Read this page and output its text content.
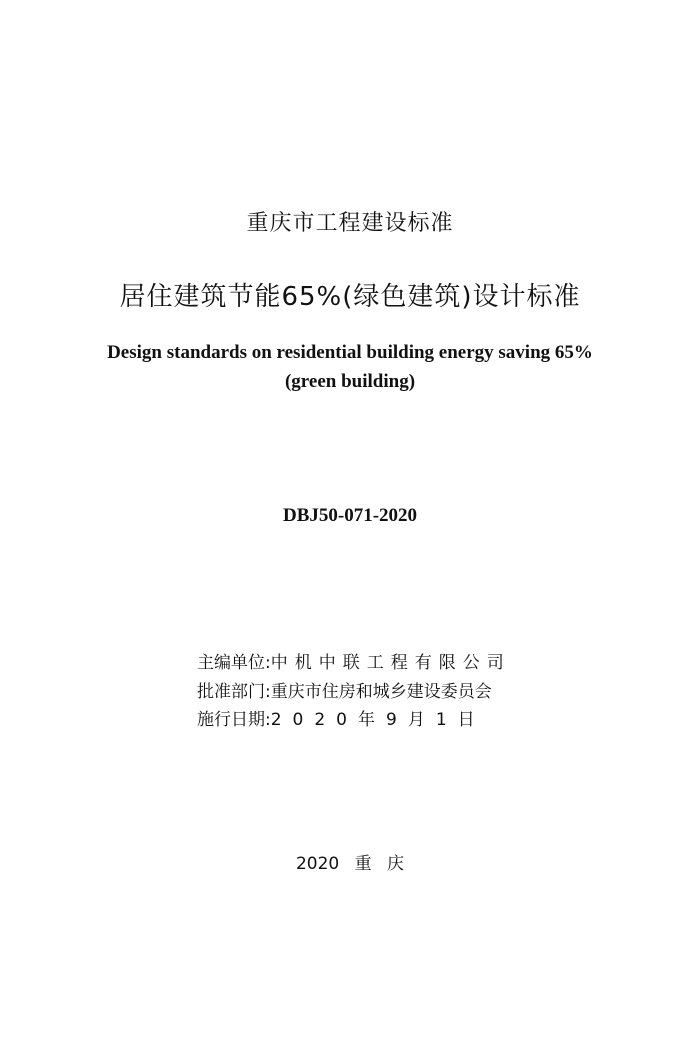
重庆市工程建设标准
居住建筑节能65%(绿色建筑)设计标准
Design standards on residential building energy saving 65%
(green building)
DBJ50-071-2020
主编单位:中机中联工程有限公司
批准部门:重庆市住房和城乡建设委员会
施行日期:2020年9月1日
2020 重 庆
